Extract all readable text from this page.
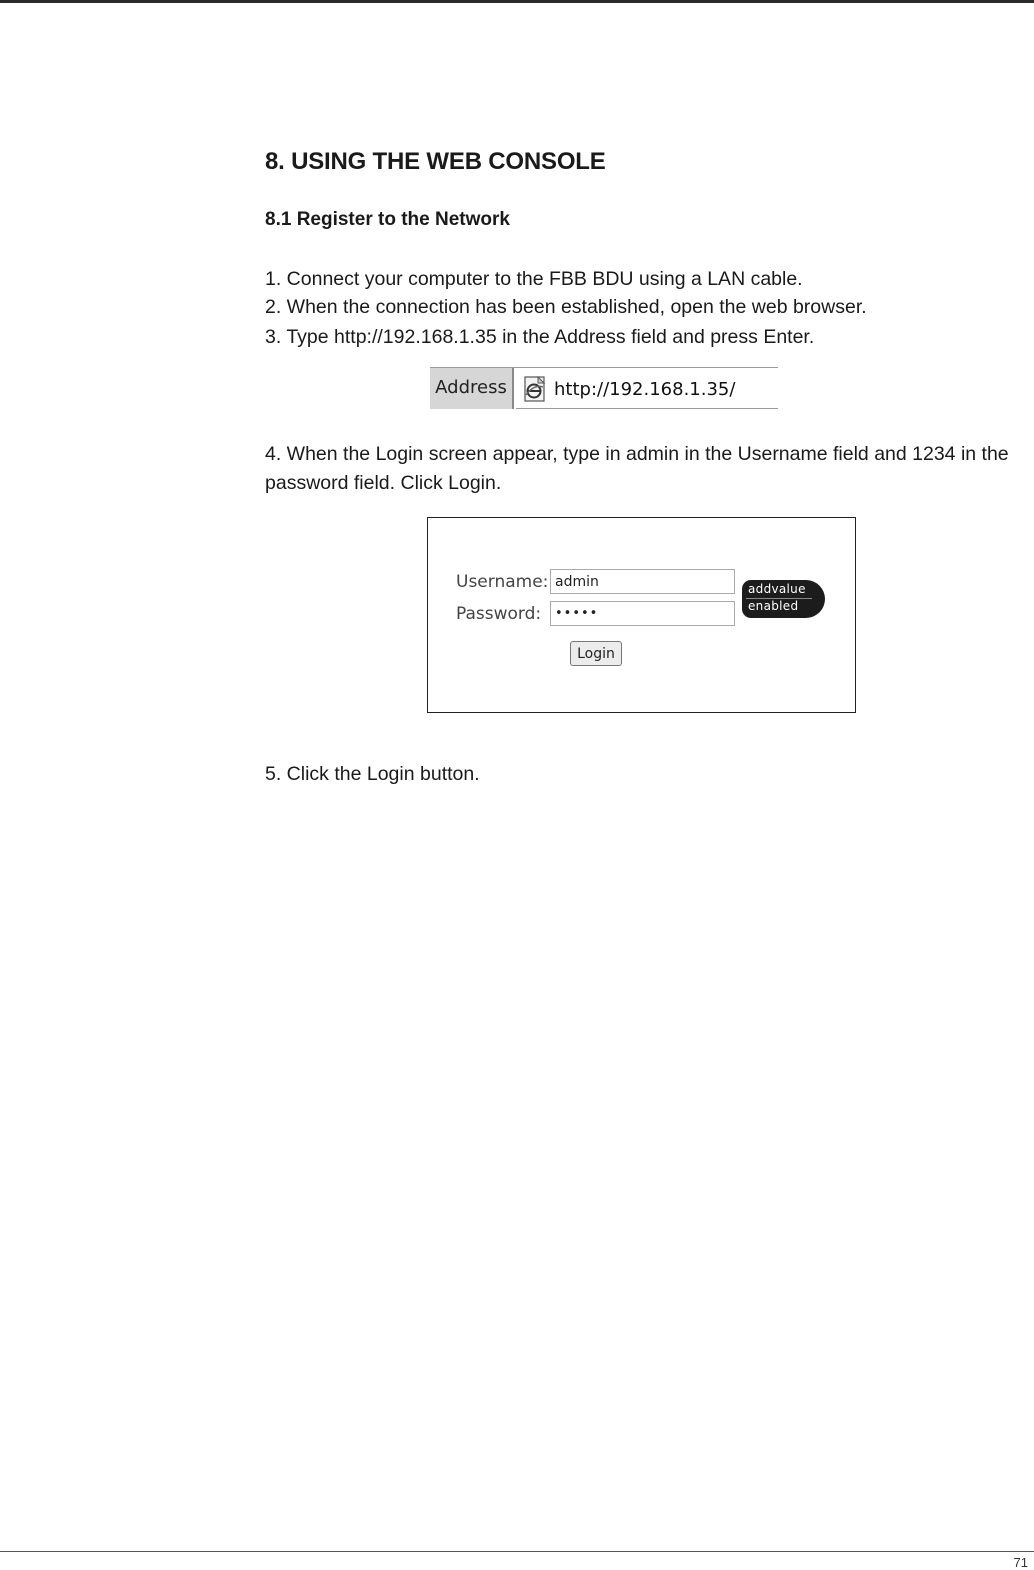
8. USING THE WEB CONSOLE
8.1 Register to the Network

1. Connect your computer to the FBB BDU using a LAN cable.

2. When the connection has been established, open the web browser.

3. Type http://192.168.1.35 in the Address field and press Enter.

4. When the Login screen appear, type in admin in the Username field and 1234 in the password field. Click Login.

5. Click the Login button.

Address	http://192.168.1.35/
Username:
admin
Password:
•••••
Login
addvalue
enabled
71
